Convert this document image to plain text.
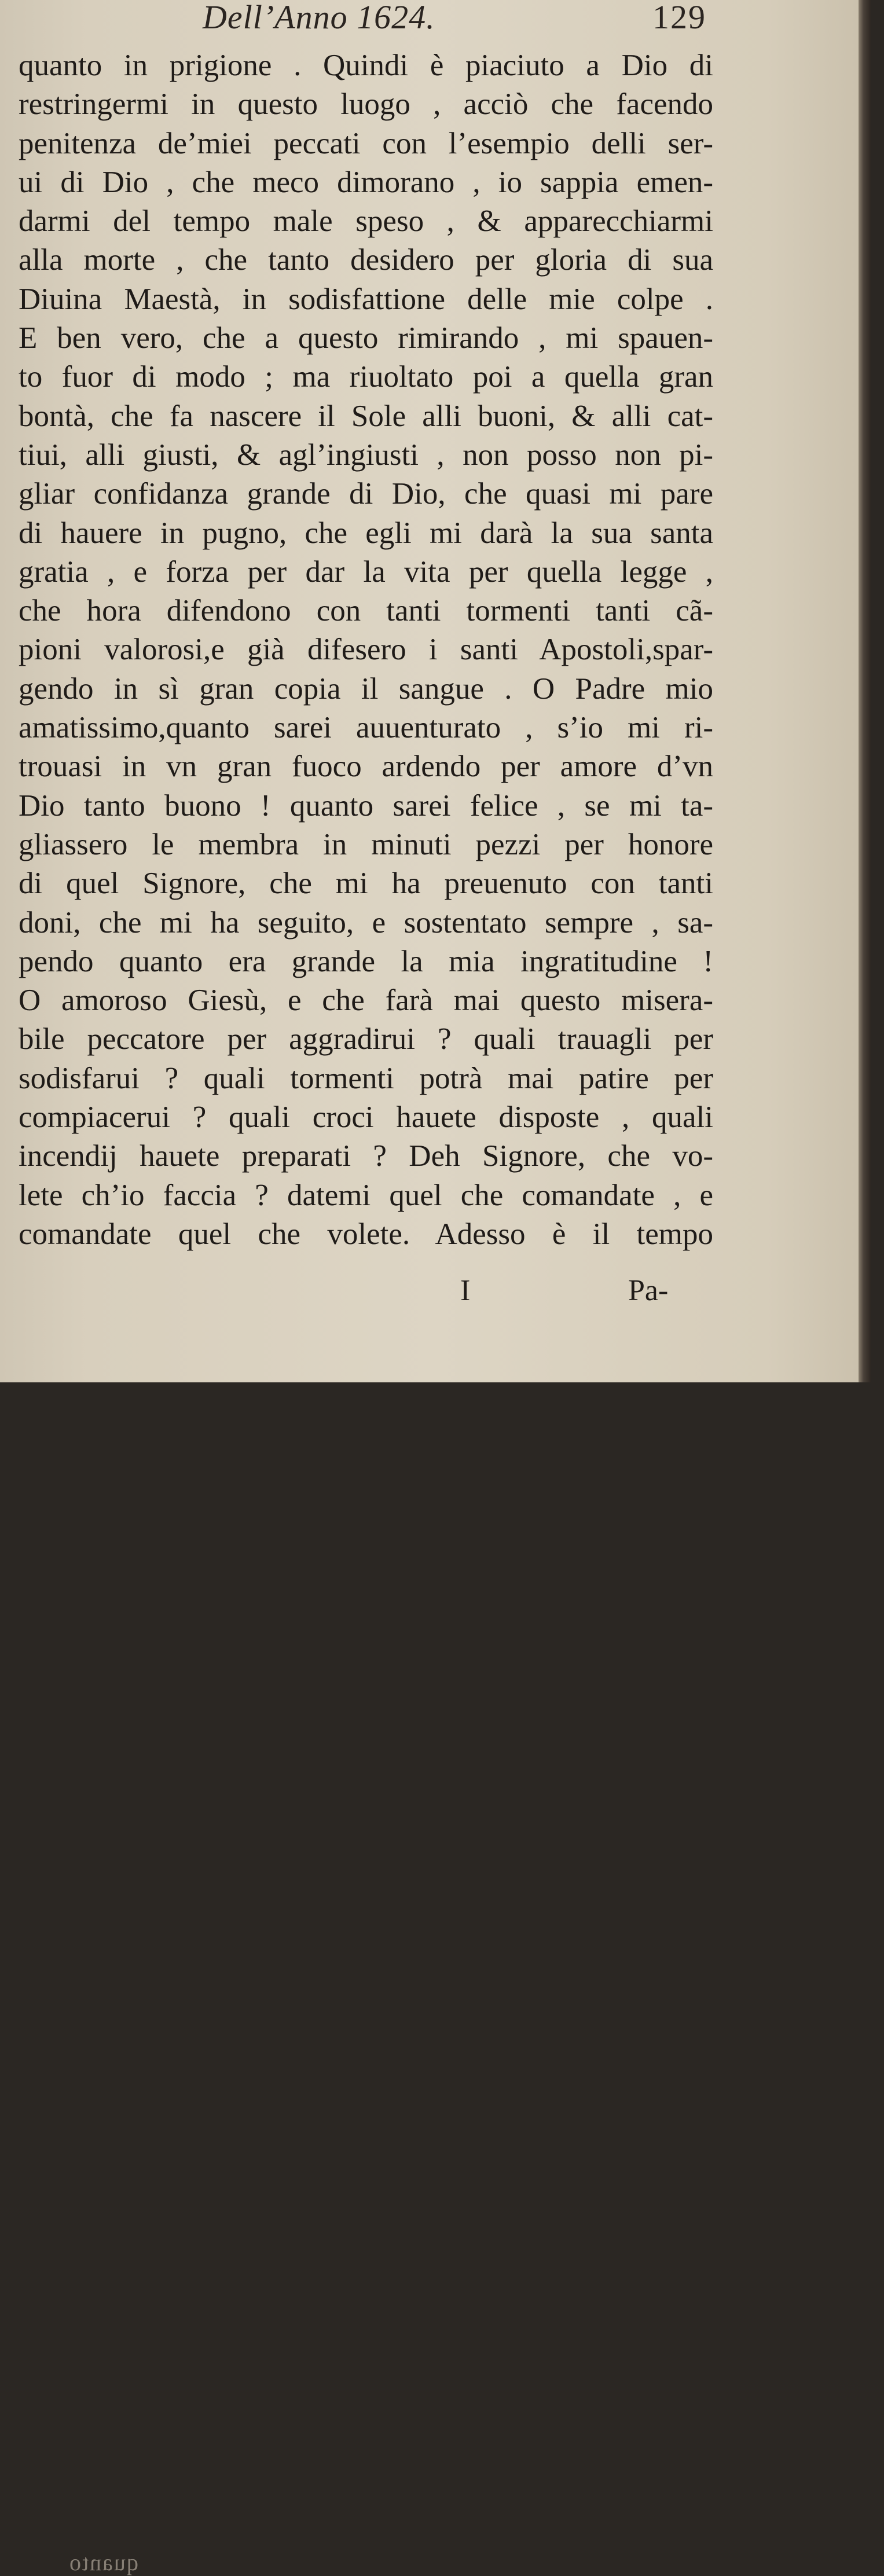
Dell’Anno 1624.	129
quanto in prigione . Quindi è piaciuto a Dio di
restringermi in questo luogo , acciò che facendo
penitenza de’miei peccati con l’esempio delli ser-
ui di Dio , che meco dimorano , io sappia emen-
darmi del tempo male speso , & apparecchiarmi
alla morte , che tanto desidero per gloria di sua
Diuina Maestà, in sodisfattione delle mie colpe .
E ben vero, che a questo rimirando , mi spauen-
to fuor di modo ; ma riuoltato poi a quella gran
bontà, che fa nascere il Sole alli buoni, & alli cat-
tiui, alli giusti, & agl’ingiusti , non posso non pi-
gliar confidanza grande di Dio, che quasi mi pare
di hauere in pugno, che egli mi darà la sua santa
gratia , e forza per dar la vita per quella legge ,
che hora difendono con tanti tormenti tanti cã-
pioni valorosi,e già difesero i santi Apostoli,spar-
gendo in sì gran copia il sangue . O Padre mio
amatissimo,quanto sarei auuenturato , s’io mi ri-
trouasi in vn gran fuoco ardendo per amore d’vn
Dio tanto buono ! quanto sarei felice , se mi ta-
gliassero le membra in minuti pezzi per honore
di quel Signore, che mi ha preuenuto con tanti
doni, che mi ha seguito, e sostentato sempre , sa-
pendo quanto era grande la mia ingratitudine !
O amoroso Giesù, e che farà mai questo misera-
bile peccatore per aggradirui ? quali trauagli per
sodisfarui ? quali tormenti potrà mai patire per
compiacerui ? quali croci hauete disposte , quali
incendij hauete preparati ? Deh Signore, che vo-
lete ch’io faccia ? datemi quel che comandate , e
comandate quel che volete. Adesso è il tempo
quanto
I	Pa-
